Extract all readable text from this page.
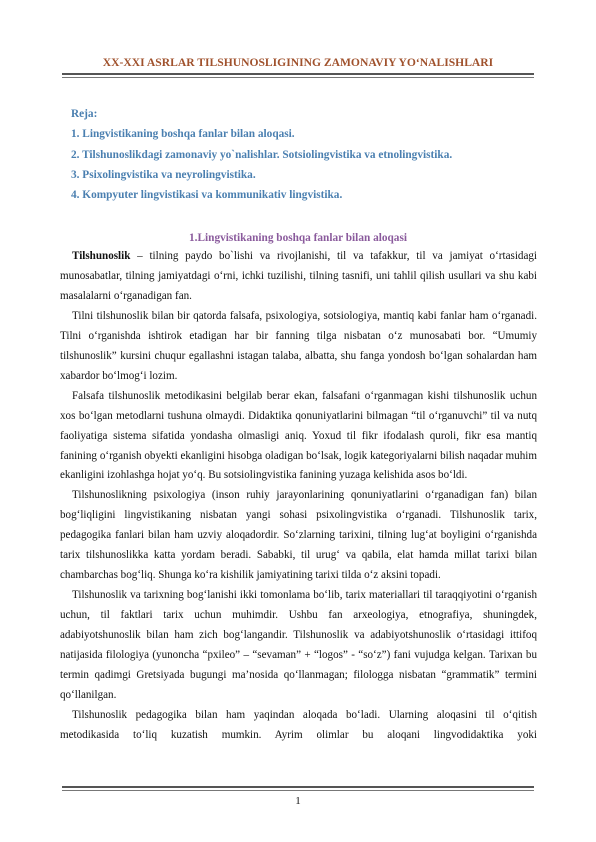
XX-XXI ASRLAR TILSHUNOSLIGINING ZAMONAVIY YO‘NALISHLARI
Reja:
1. Lingvistikaning boshqa fanlar bilan aloqasi.
2. Tilshunoslikdagi zamonaviy yo`nalishlar. Sotsiolingvistika va etnolingvistika.
3. Psixolingvistika va neyrolingvistika.
4. Kompyuter lingvistikasi va kommunikativ lingvistika.
1.Lingvistikaning boshqa fanlar bilan aloqasi

Tilshunoslik – tilning paydo bo`lishi va rivojlanishi, til va tafakkur, til va jamiyat o‘rtasidagi munosabatlar, tilning jamiyatdagi o‘rni, ichki tuzilishi, tilning tasnifi, uni tahlil qilish usullari va shu kabi masalalarni o‘rganadigan fan.

Tilni tilshunoslik bilan bir qatorda falsafa, psixologiya, sotsiologiya, mantiq kabi fanlar ham o‘rganadi. Tilni o‘rganishda ishtirok etadigan har bir fanning tilga nisbatan o‘z munosabati bor. “Umumiy tilshunoslik” kursini chuqur egallashni istagan talaba, albatta, shu fanga yondosh bo‘lgan sohalardan ham xabardor bo‘lmog‘i lozim.

Falsafa tilshunoslik metodikasini belgilab berar ekan, falsafani o‘rganmagan kishi tilshunoslik uchun xos bo‘lgan metodlarni tushuna olmaydi. Didaktika qonuniyatlarini bilmagan “til o‘rganuvchi” til va nutq faoliyatiga sistema sifatida yondasha olmasligi aniq. Yoxud til fikr ifodalash quroli, fikr esa mantiq fanining o‘rganish obyekti ekanligini hisobga oladigan bo‘lsak, logik kategoriyalarni bilish naqadar muhim ekanligini izohlashga hojat yo‘q. Bu sotsiolingvistika fanining yuzaga kelishida asos bo‘ldi.

Tilshunoslikning psixologiya (inson ruhiy jarayonlarining qonuniyatlarini o‘rganadigan fan) bilan bog‘liqligini lingvistikaning nisbatan yangi sohasi psixolingvistika o‘rganadi. Tilshunoslik tarix, pedagogika fanlari bilan ham uzviy aloqadordir. So‘zlarning tarixini, tilning lug‘at boyligini o‘rganishda tarix tilshunoslikka katta yordam beradi. Sababki, til urug‘ va qabila, elat hamda millat tarixi bilan chambarchas bog‘liq. Shunga ko‘ra kishilik jamiyatining tarixi tilda o‘z aksini topadi.

Tilshunoslik va tarixning bog‘lanishi ikki tomonlama bo‘lib, tarix materiallari til taraqqiyotini o‘rganish uchun, til faktlari tarix uchun muhimdir. Ushbu fan arxeologiya, etnografiya, shuningdek, adabiyotshunoslik bilan ham zich bog‘langandir. Tilshunoslik va adabiyotshunoslik o‘rtasidagi ittifoq natijasida filologiya (yunoncha “pxileo” – “sevaman” + “logos” - “so‘z”) fani vujudga kelgan. Tarixan bu termin qadimgi Gretsiyada bugungi ma’nosida qo‘llanmagan; filologga nisbatan “grammatik” termini qo‘llanilgan.

Tilshunoslik pedagogika bilan ham yaqindan aloqada bo‘ladi. Ularning aloqasini til o‘qitish metodikasida to‘liq kuzatish mumkin. Ayrim olimlar bu aloqani lingvodidaktika yoki

1
